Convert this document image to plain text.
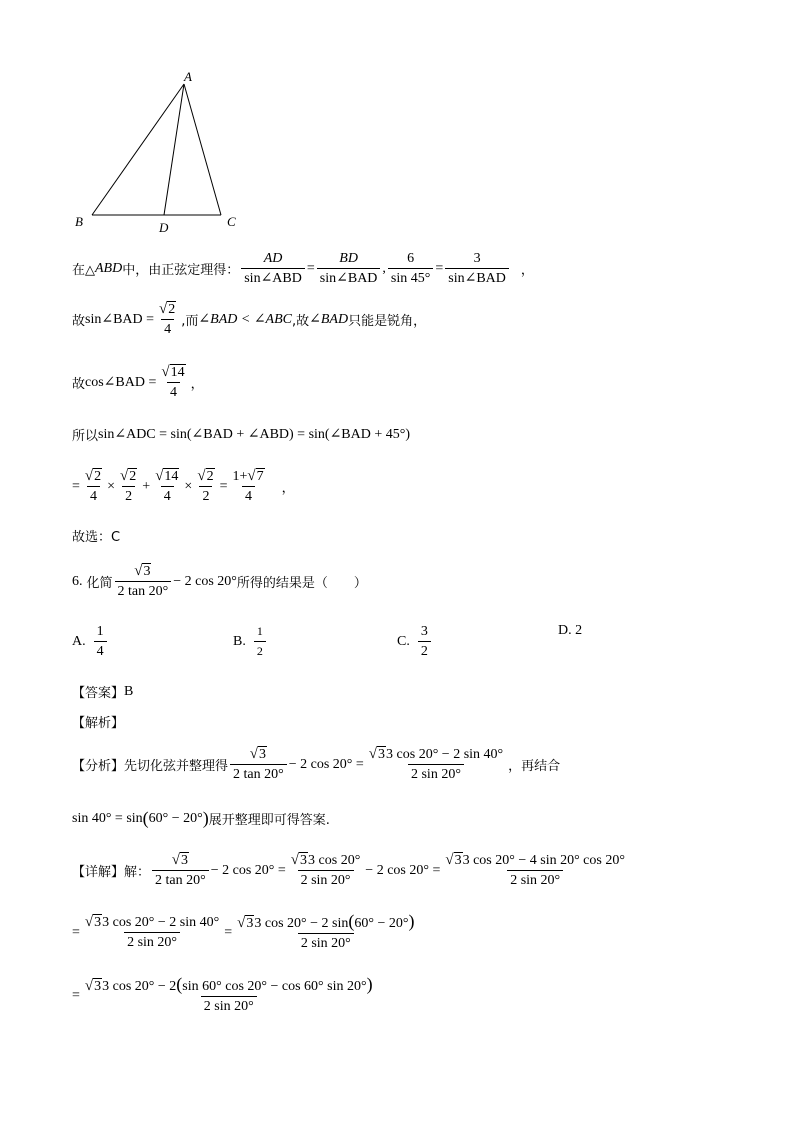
A
B	C
D
在△ ABD 中，由正弦定理得： $\frac{AD}{\text{sin∠ABD}} = \frac{BD}{\text{sin∠BAD}}$ , $\frac{6}{\sin 45^\circ} = \frac{3}{\text{sin∠BAD}}$ ，
故 sin∠BAD = $\frac{√ 2}{4}$ ,而 ∠BAD < ∠ABC ,故 ∠BAD 只能是锐角，
故 cos∠BAD = $\frac{√ 14}{4}$ ，
所以 sin∠ADC = sin(∠BAD + ∠ABD) = sin(∠BAD + 45°)
= $\frac{√ 2}{4} \times \frac{√ 2}{2} + \frac{√ 14}{4} \times \frac{√ 2}{2} = \frac{1+ √ 7}{4}$ ，
故选：C
6. 化简 $\frac{√ 3}{2 \tan 20^\circ} - 2$ cos 20° 所得的结果是（　　）
A. $\frac{1}{4}$	B. $\frac{1}{2}$	C. $\frac{3}{2}$	D. 2
【答案】 B
【解析】
【分析】 先切化弦并整理得 $\frac{√ 3}{2 \tan 20^\circ} - 2$ $\cos 20^\circ = \frac{√ 3 3 \cos 20^\circ - 2 \sin 40^\circ}{2 \sin 20^\circ}$ ，再结合
sin 40° = sin ( 60° − 20° ) 展开整理即可得答案.
【详解】 解： $\frac{√ 3}{2 \tan 20^\circ} - 2$ $\cos 20^\circ = \frac{√ 3 3 \cos 20^\circ}{2 \sin 20^\circ} - 2$ $\cos 20^\circ = \frac{√ 3 3 \cos 20^\circ - 4 \sin 20^\circ \cos 20^\circ}{2 \sin 20^\circ}$
= $\frac{√ 3 3 \cos 20^\circ - 2 \sin 40^\circ}{2 \sin 20^\circ} = \frac{√ 3 3 \cos 20^\circ - 2 \sin(60^\circ - 20^\circ)}{2 \sin 20^\circ}$
= $\frac{√ 3 3 \cos 20^\circ - 2(\sin 60^\circ \cos 20^\circ - \cos 60^\circ \sin 20^\circ)}{2 \sin 20^\circ}$
